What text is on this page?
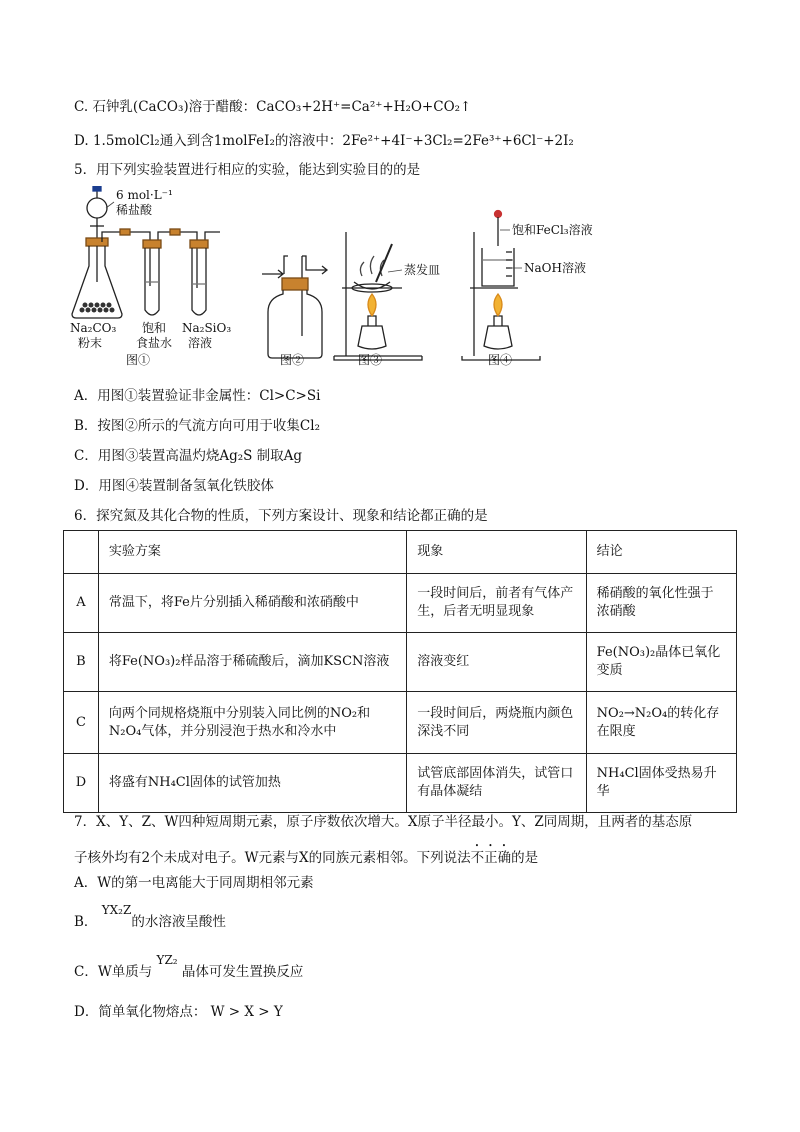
C. 石钟乳(CaCO₃)溶于醋酸：CaCO₃+2H⁺=Ca²⁺+H₂O+CO₂↑
D. 1.5molCl₂通入到含1molFeI₂的溶液中：2Fe²⁺+4I⁻+3Cl₂=2Fe³⁺+6Cl⁻+2I₂
5．用下列实验装置进行相应的实验，能达到实验目的的是
6 mol·L⁻¹
稀盐酸
Na₂CO₃
粉末
饱和
食盐水
Na₂SiO₃
溶液
图①	图②	图③	图④
蒸发皿
饱和FeCl₃溶液
NaOH溶液
A．用图①装置验证非金属性：Cl>C>Si
B．按图②所示的气流方向可用于收集Cl₂
C．用图③装置高温灼烧Ag₂S 制取Ag
D．用图④装置制备氢氧化铁胶体
6．探究氮及其化合物的性质，下列方案设计、现象和结论都正确的是
	实验方案	现象	结论
A	常温下，将Fe片分别插入稀硝酸和浓硝酸中	一段时间后，前者有气体产生，后者无明显现象	稀硝酸的氧化性强于浓硝酸
B	将Fe(NO₃)₂样品溶于稀硫酸后，滴加KSCN溶液	溶液变红	Fe(NO₃)₂晶体已氧化变质
C	向两个同规格烧瓶中分别装入同比例的NO₂和N₂O₄气体，并分别浸泡于热水和冷水中	一段时间后，两烧瓶内颜色深浅不同	NO₂→N₂O₄的转化存在限度
D	将盛有NH₄Cl固体的试管加热	试管底部固体消失，试管口有晶体凝结	NH₄Cl固体受热易升华
7．X、Y、Z、W四种短周期元素，原子序数依次增大。X原子半径最小。Y、Z同周期，且两者的基态原
子核外均有2个未成对电子。W元素与X的同族元素相邻。下列说法不正确的是
A．W的第一电离能大于同周期相邻元素
B． YX₂Z的水溶液呈酸性
C．W单质与 YZ₂ 晶体可发生置换反应
D．简单氧化物熔点： W > X > Y
